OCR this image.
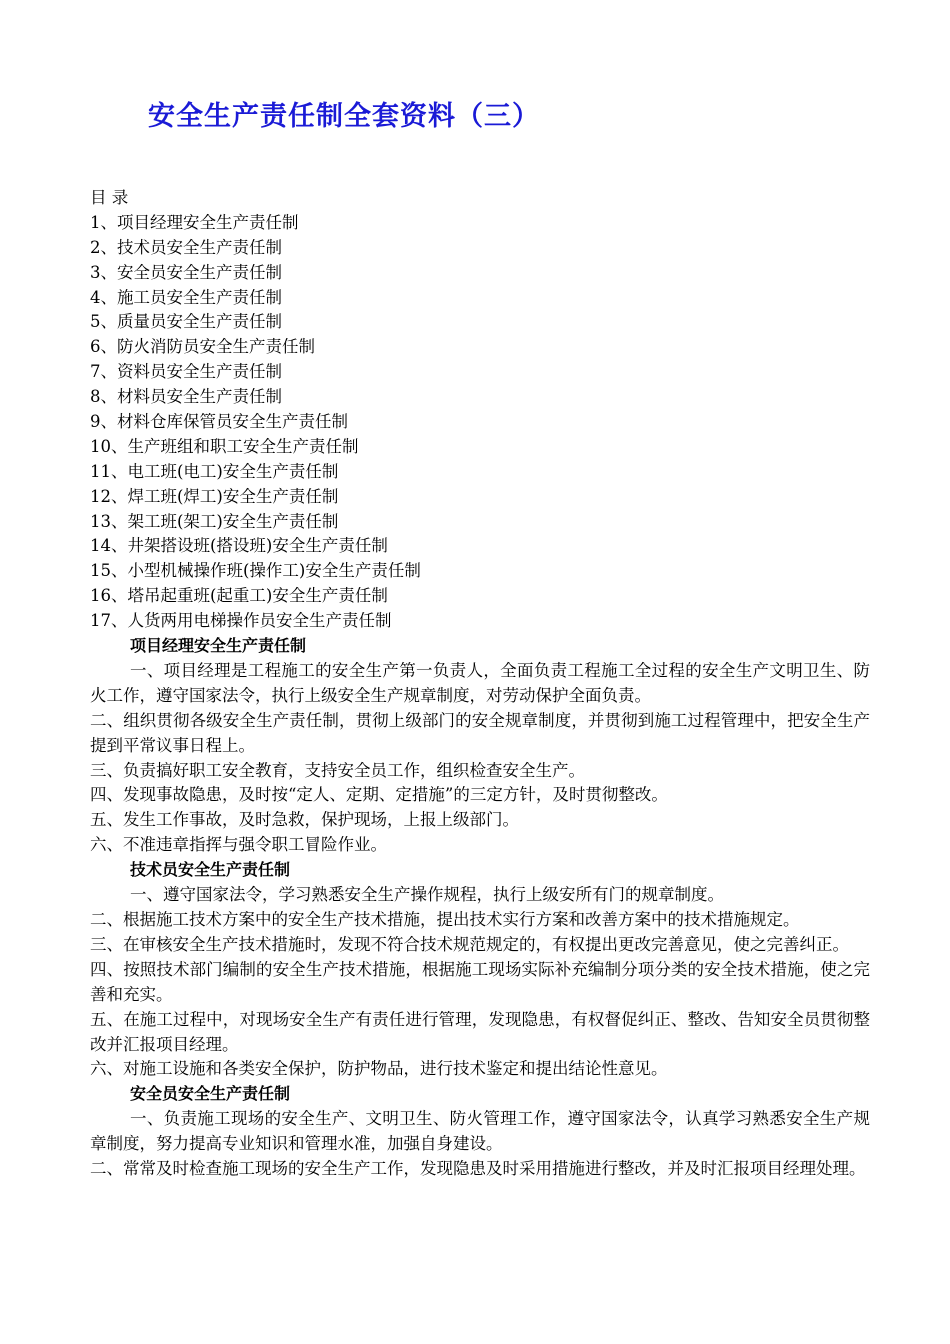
安全生产责任制全套资料（三）
目 录
1、项目经理安全生产责任制
2、技术员安全生产责任制
3、安全员安全生产责任制
4、施工员安全生产责任制
5、质量员安全生产责任制
6、防火消防员安全生产责任制
7、资料员安全生产责任制
8、材料员安全生产责任制
9、材料仓库保管员安全生产责任制
10、生产班组和职工安全生产责任制
11、电工班(电工)安全生产责任制
12、焊工班(焊工)安全生产责任制
13、架工班(架工)安全生产责任制
14、井架搭设班(搭设班)安全生产责任制
15、小型机械操作班(操作工)安全生产责任制
16、塔吊起重班(起重工)安全生产责任制
17、人货两用电梯操作员安全生产责任制
项目经理安全生产责任制
一、项目经理是工程施工的安全生产第一负责人，全面负责工程施工全过程的安全生产文明卫生、防火工作，遵守国家法令，执行上级安全生产规章制度，对劳动保护全面负责。
二、组织贯彻各级安全生产责任制，贯彻上级部门的安全规章制度，并贯彻到施工过程管理中，把安全生产提到平常议事日程上。
三、负责搞好职工安全教育，支持安全员工作，组织检查安全生产。
四、发现事故隐患，及时按“定人、定期、定措施”的三定方针，及时贯彻整改。
五、发生工作事故，及时急救，保护现场，上报上级部门。
六、不准违章指挥与强令职工冒险作业。
技术员安全生产责任制
一、遵守国家法令，学习熟悉安全生产操作规程，执行上级安所有门的规章制度。
二、根据施工技术方案中的安全生产技术措施，提出技术实行方案和改善方案中的技术措施规定。
三、在审核安全生产技术措施时，发现不符合技术规范规定的，有权提出更改完善意见，使之完善纠正。
四、按照技术部门编制的安全生产技术措施，根据施工现场实际补充编制分项分类的安全技术措施，使之完善和充实。
五、在施工过程中，对现场安全生产有责任进行管理，发现隐患，有权督促纠正、整改、告知安全员贯彻整改并汇报项目经理。
六、对施工设施和各类安全保护，防护物品，进行技术鉴定和提出结论性意见。
安全员安全生产责任制
一、负责施工现场的安全生产、文明卫生、防火管理工作，遵守国家法令，认真学习熟悉安全生产规章制度，努力提高专业知识和管理水准，加强自身建设。
二、常常及时检查施工现场的安全生产工作，发现隐患及时采用措施进行整改，并及时汇报项目经理处理。
